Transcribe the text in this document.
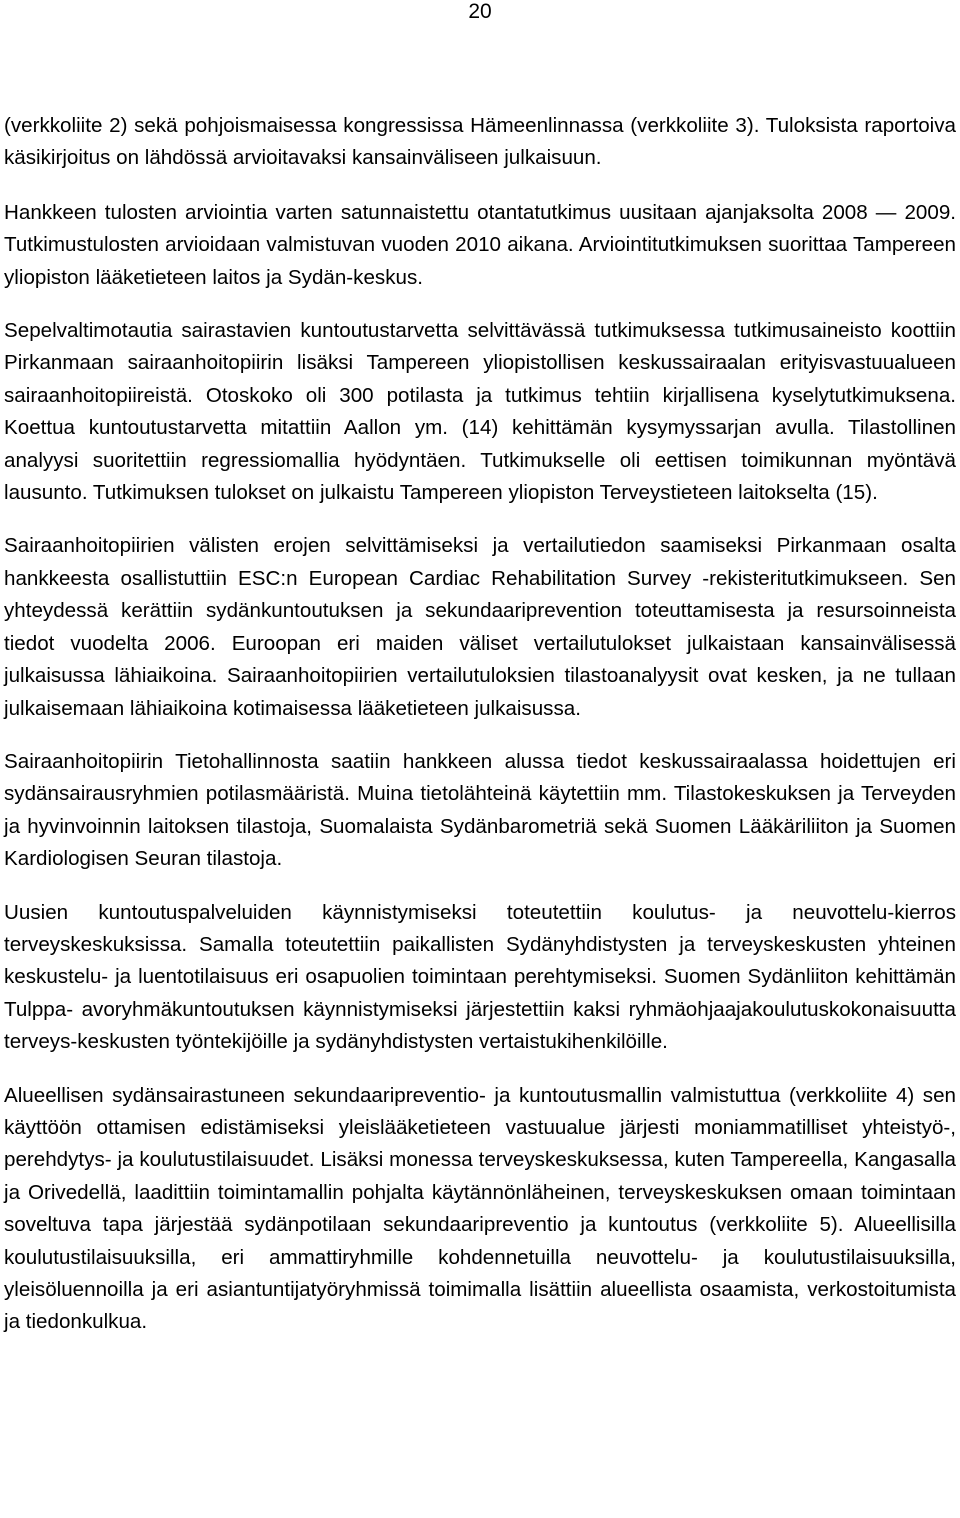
20

(verkkoliite 2) sekä pohjoismaisessa kongressissa Hämeenlinnassa (verkkoliite 3). Tuloksista raportoiva käsikirjoitus on lähdössä arvioitavaksi kansainväliseen julkaisuun.

Hankkeen tulosten arviointia varten satunnaistettu otantatutkimus uusitaan ajanjaksolta 2008 — 2009. Tutkimustulosten arvioidaan valmistuvan vuoden 2010 aikana. Arviointitutkimuksen suorittaa Tampereen yliopiston lääketieteen laitos ja Sydän-keskus.

Sepelvaltimotautia sairastavien kuntoutustarvetta selvittävässä tutkimuksessa tutkimusaineisto koottiin Pirkanmaan sairaanhoitopiirin lisäksi Tampereen yliopistollisen keskussairaalan erityisvastuualueen sairaanhoitopiireistä. Otoskoko oli 300 potilasta ja tutkimus tehtiin kirjallisena kyselytutkimuksena. Koettua kuntoutustarvetta mitattiin Aallon ym. (14) kehittämän kysymyssarjan avulla. Tilastollinen analyysi suoritettiin regressiomallia hyödyntäen. Tutkimukselle oli eettisen toimikunnan myöntävä lausunto. Tutkimuksen tulokset on julkaistu Tampereen yliopiston Terveystieteen laitokselta (15).

Sairaanhoitopiirien välisten erojen selvittämiseksi ja vertailutiedon saamiseksi Pirkanmaan osalta hankkeesta osallistuttiin ESC:n European Cardiac Rehabilitation Survey -rekisteritutkimukseen. Sen yhteydessä kerättiin sydänkuntoutuksen ja sekundaariprevention toteuttamisesta ja resursoinneista tiedot vuodelta 2006. Euroopan eri maiden väliset vertailutulokset julkaistaan kansainvälisessä julkaisussa lähiaikoina. Sairaanhoitopiirien vertailutuloksien tilastoanalyysit ovat kesken, ja ne tullaan julkaisemaan lähiaikoina kotimaisessa lääketieteen julkaisussa.

Sairaanhoitopiirin Tietohallinnosta saatiin hankkeen alussa tiedot keskussairaalassa hoidettujen eri sydänsairausryhmien potilasmääristä. Muina tietolähteinä käytettiin mm. Tilastokeskuksen ja Terveyden ja hyvinvoinnin laitoksen tilastoja, Suomalaista Sydänbarometriä sekä Suomen Lääkäriliiton ja Suomen Kardiologisen Seuran tilastoja.

Uusien kuntoutuspalveluiden käynnistymiseksi toteutettiin koulutus- ja neuvottelu-kierros terveyskeskuksissa. Samalla toteutettiin paikallisten Sydänyhdistysten ja terveyskeskusten yhteinen keskustelu- ja luentotilaisuus eri osapuolien toimintaan perehtymiseksi. Suomen Sydänliiton kehittämän Tulppa- avoryhmäkuntoutuksen käynnistymiseksi järjestettiin kaksi ryhmäohjaajakoulutuskokonaisuutta terveys-keskusten työntekijöille ja sydänyhdistysten vertaistukihenkilöille.

Alueellisen sydänsairastuneen sekundaaripreventio- ja kuntoutusmallin valmistuttua (verkkoliite 4) sen käyttöön ottamisen edistämiseksi yleislääketieteen vastuualue järjesti moniammatilliset yhteistyö-, perehdytys- ja koulutustilaisuudet. Lisäksi monessa terveyskeskuksessa, kuten Tampereella, Kangasalla ja Orivedellä, laadittiin toimintamallin pohjalta käytännönläheinen, terveyskeskuksen omaan toimintaan soveltuva tapa järjestää sydänpotilaan sekundaaripreventio ja kuntoutus (verkkoliite 5). Alueellisilla koulutustilaisuuksilla, eri ammattiryhmille kohdennetuilla neuvottelu- ja koulutustilaisuuksilla, yleisöluennoilla ja eri asiantuntijatyöryhmissä toimimalla lisättiin alueellista osaamista, verkostoitumista ja tiedonkulkua.
